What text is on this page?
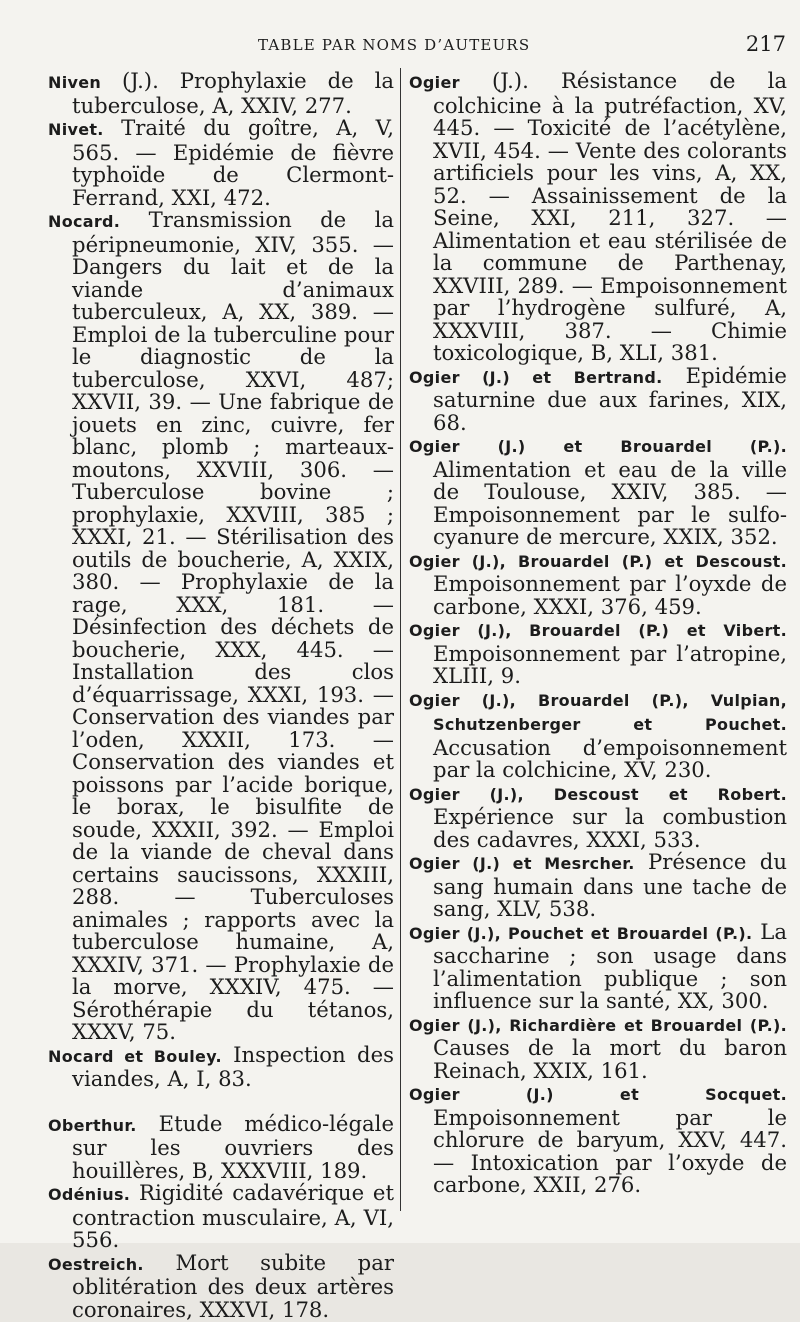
TABLE PAR NOMS D’AUTEURS	217

Niven (J.). Prophylaxie de la tuberculose, A, XXIV, 277.

Nivet. Traité du goître, A, V, 565. — Epidémie de fièvre typhoïde de Clermont-Ferrand, XXI, 472.

Nocard. Transmission de la péripneumonie, XIV, 355. — Dangers du lait et de la viande d’animaux tuberculeux, A, XX, 389. —Emploi de la tuberculine pour le diagnostic de la tuberculose, XXVI, 487; XXVII, 39. — Une fabrique de jouets en zinc, cuivre, fer blanc, plomb ; marteaux-moutons, XXVIII, 306. — Tuberculose bovine ; prophylaxie, XXVIII, 385 ; XXXI, 21. — Stérilisation des outils de boucherie, A, XXIX, 380. — Prophylaxie de la rage, XXX, 181. — Désinfection des déchets de boucherie, XXX, 445. — Installation des clos d’équarrissage, XXXI, 193. — Conservation des viandes par l’oden, XXXII, 173. — Conservation des viandes et poissons par l’acide borique, le borax, le bisulfite de soude, XXXII, 392. — Emploi de la viande de cheval dans certains saucissons, XXXIII, 288. — Tuberculoses animales ; rapports avec la tuberculose humaine, A, XXXIV, 371. — Prophylaxie de la morve, XXXIV, 475. — Sérothérapie du tétanos, XXXV, 75.

Nocard et Bouley. Inspection des viandes, A, I, 83.

Oberthur. Etude médico-légale sur les ouvriers des houillères, B, XXXVIII, 189.

Odénius. Rigidité cadavérique et contraction musculaire, A, VI, 556.

Oestreich. Mort subite par oblitération des deux artères coronaires, XXXVI, 178.

Ogier (J.). Résistance de la colchicine à la putréfaction, XV, 445. — Toxicité de l’acétylène, XVII, 454. — Vente des colorants artificiels pour les vins, A, XX, 52. — Assainissement de la Seine, XXI, 211, 327. — Alimentation et eau stérilisée de la commune de Parthenay, XXVIII, 289. — Empoisonnement par l’hydrogène sulfuré, A, XXXVIII, 387. — Chimie toxicologique, B, XLI, 381.

Ogier (J.) et Bertrand. Epidémie saturnine due aux farines, XIX, 68.

Ogier (J.) et Brouardel (P.). Alimentation et eau de la ville de Toulouse, XXIV, 385. — Empoisonnement par le sulfo-cyanure de mercure, XXIX, 352.

Ogier (J.), Brouardel (P.) et Descoust. Empoisonnement par l’oyxde de carbone, XXXI, 376, 459.

Ogier (J.), Brouardel (P.) et Vibert. Empoisonnement par l’atropine, XLIII, 9.

Ogier (J.), Brouardel (P.), Vulpian, Schutzenberger et Pouchet. Accusation d’empoisonnement par la colchicine, XV, 230.

Ogier (J.), Descoust et Robert. Expérience sur la combustion des cadavres, XXXI, 533.

Ogier (J.) et Mesrcher. Présence du sang humain dans une tache de sang, XLV, 538.

Ogier (J.), Pouchet et Brouardel (P.). La saccharine ; son usage dans l’alimentation publique ; son influence sur la santé, XX, 300.

Ogier (J.), Richardière et Brouardel (P.). Causes de la mort du baron Reinach, XXIX, 161.

Ogier (J.) et Socquet. Empoisonnement par le chlorure de baryum, XXV, 447. — Intoxication par l’oxyde de carbone, XXII, 276.
